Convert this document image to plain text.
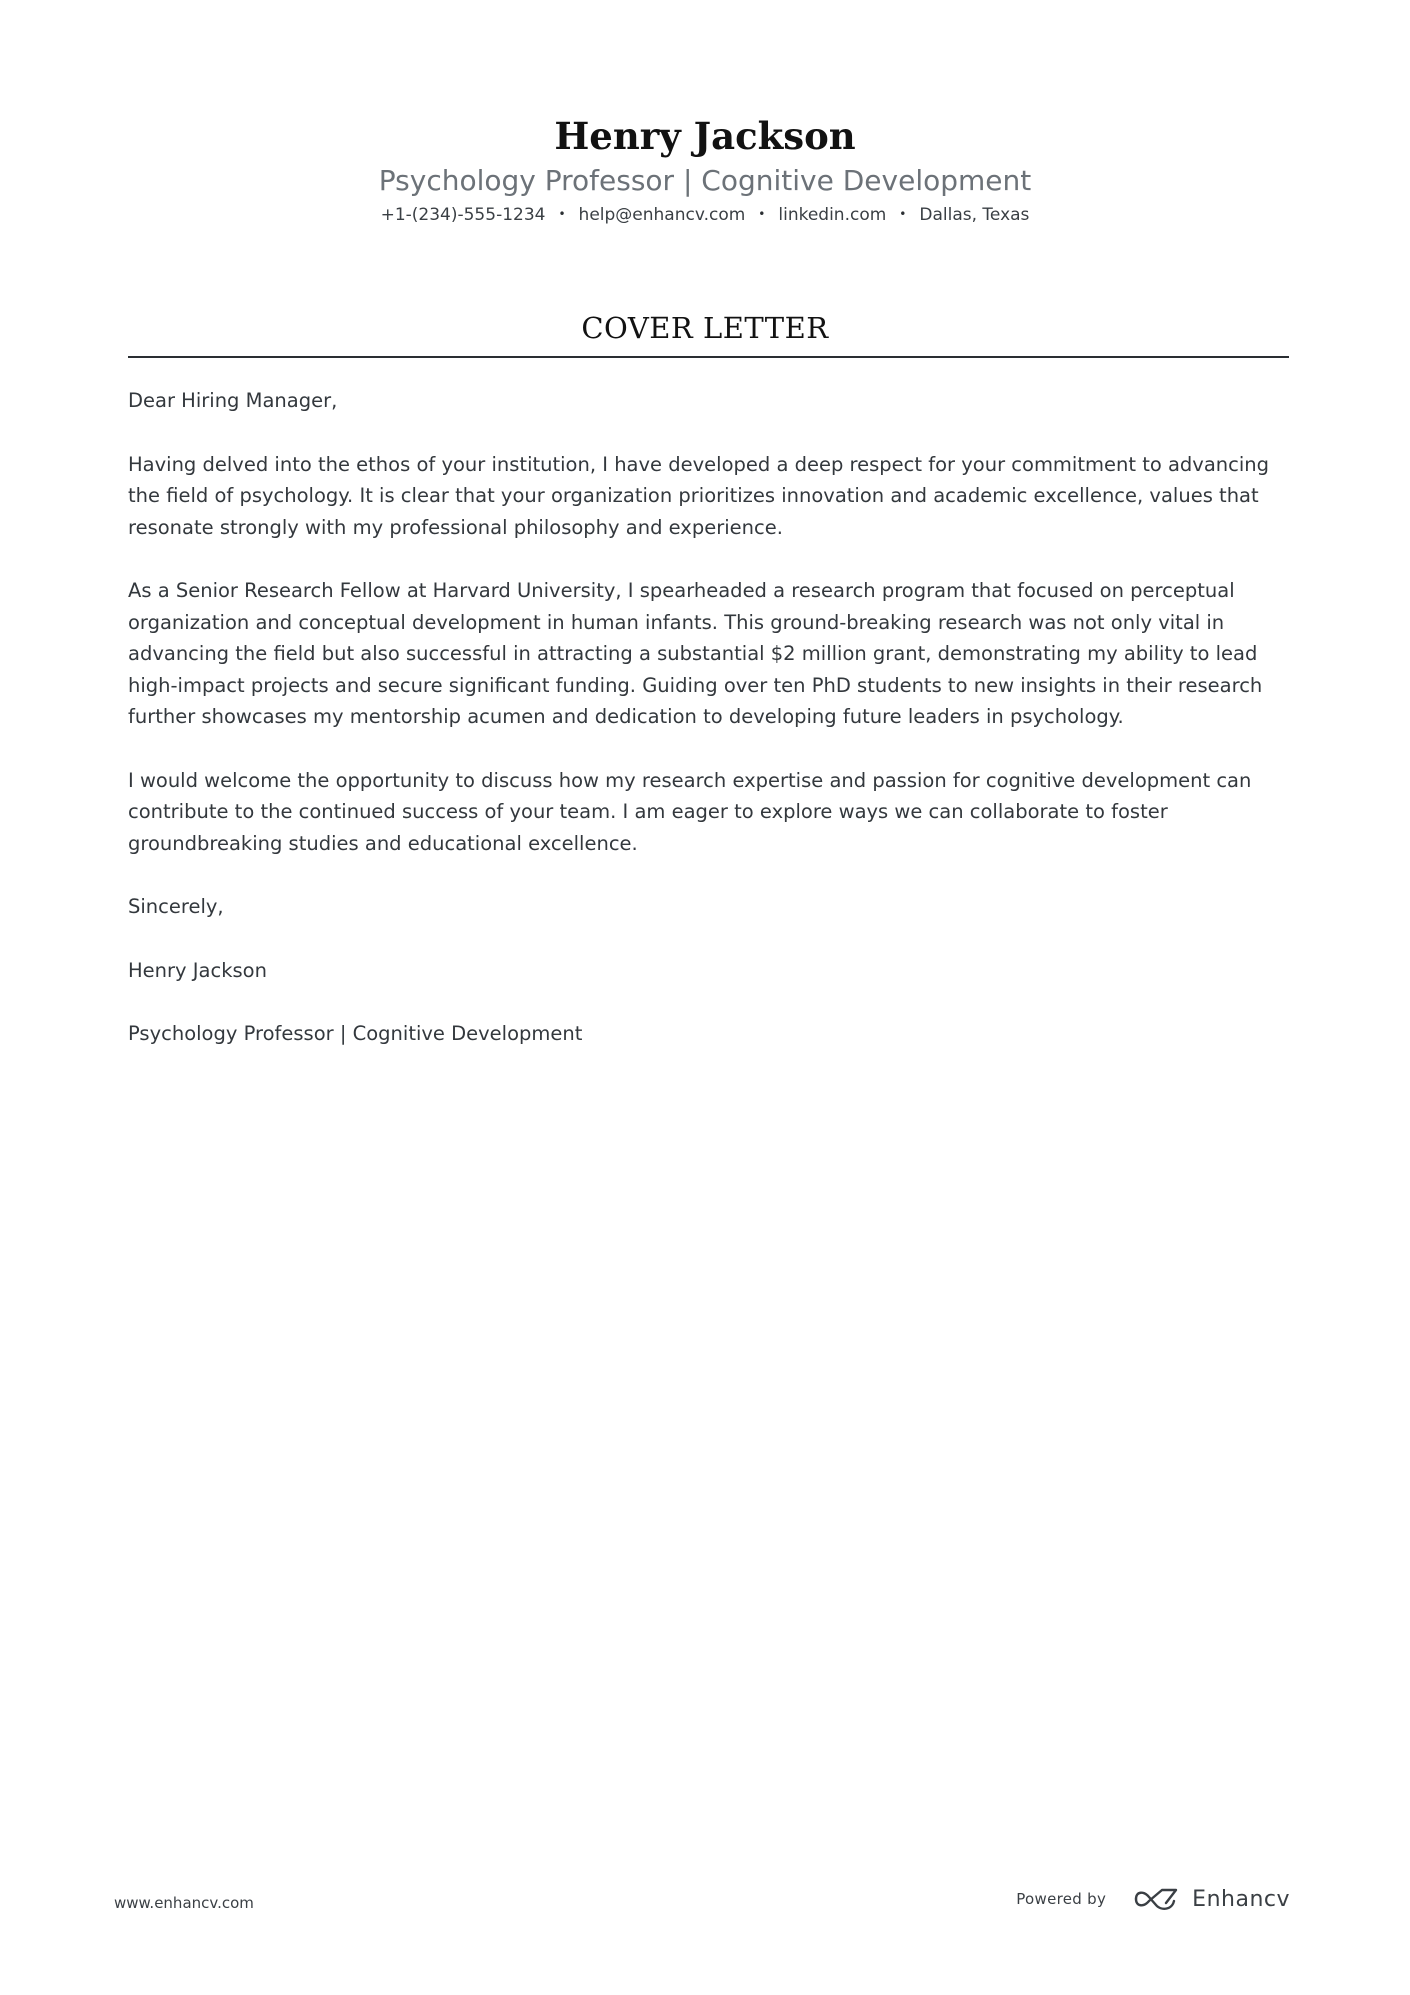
Henry Jackson
Psychology Professor | Cognitive Development
+1-(234)-555-1234 • help@enhancv.com • linkedin.com • Dallas, Texas
COVER LETTER

Dear Hiring Manager,

Having delved into the ethos of your institution, I have developed a deep respect for your commitment to advancing the field of psychology. It is clear that your organization prioritizes innovation and academic excellence, values that resonate strongly with my professional philosophy and experience.

As a Senior Research Fellow at Harvard University, I spearheaded a research program that focused on perceptual organization and conceptual development in human infants. This ground-breaking research was not only vital in advancing the field but also successful in attracting a substantial $2 million grant, demonstrating my ability to lead high-impact projects and secure significant funding. Guiding over ten PhD students to new insights in their research further showcases my mentorship acumen and dedication to developing future leaders in psychology.

I would welcome the opportunity to discuss how my research expertise and passion for cognitive development can contribute to the continued success of your team. I am eager to explore ways we can collaborate to foster groundbreaking studies and educational excellence.

Sincerely,

Henry Jackson

Psychology Professor | Cognitive Development

www.enhancv.com	Powered by	Enhancv
